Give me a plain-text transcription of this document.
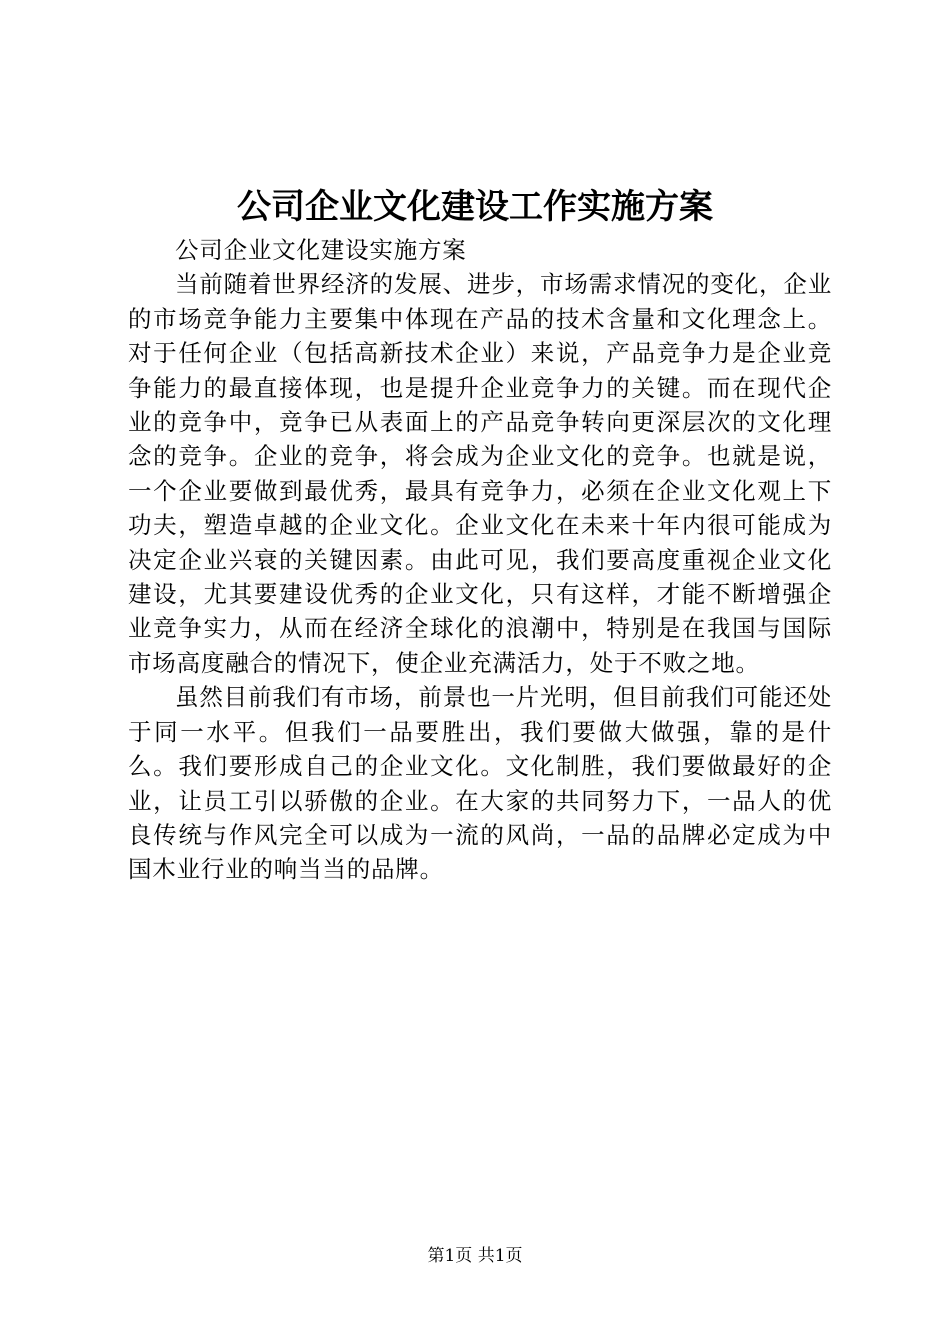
公司企业文化建设工作实施方案

公司企业文化建设实施方案

当前随着世界经济的发展、进步，市场需求情况的变化，企业的市场竞争能力主要集中体现在产品的技术含量和文化理念上。对于任何企业（包括高新技术企业）来说，产品竞争力是企业竞争能力的最直接体现，也是提升企业竞争力的关键。而在现代企业的竞争中，竞争已从表面上的产品竞争转向更深层次的文化理念的竞争。企业的竞争，将会成为企业文化的竞争。也就是说，一个企业要做到最优秀，最具有竞争力，必须在企业文化观上下功夫，塑造卓越的企业文化。企业文化在未来十年内很可能成为决定企业兴衰的关键因素。由此可见，我们要高度重视企业文化建设，尤其要建设优秀的企业文化，只有这样，才能不断增强企业竞争实力，从而在经济全球化的浪潮中，特别是在我国与国际市场高度融合的情况下，使企业充满活力，处于不败之地。

虽然目前我们有市场，前景也一片光明，但目前我们可能还处于同一水平。但我们一品要胜出，我们要做大做强，靠的是什么。我们要形成自己的企业文化。文化制胜，我们要做最好的企业，让员工引以骄傲的企业。在大家的共同努力下，一品人的优良传统与作风完全可以成为一流的风尚，一品的品牌必定成为中国木业行业的响当当的品牌。

第1页 共1页
